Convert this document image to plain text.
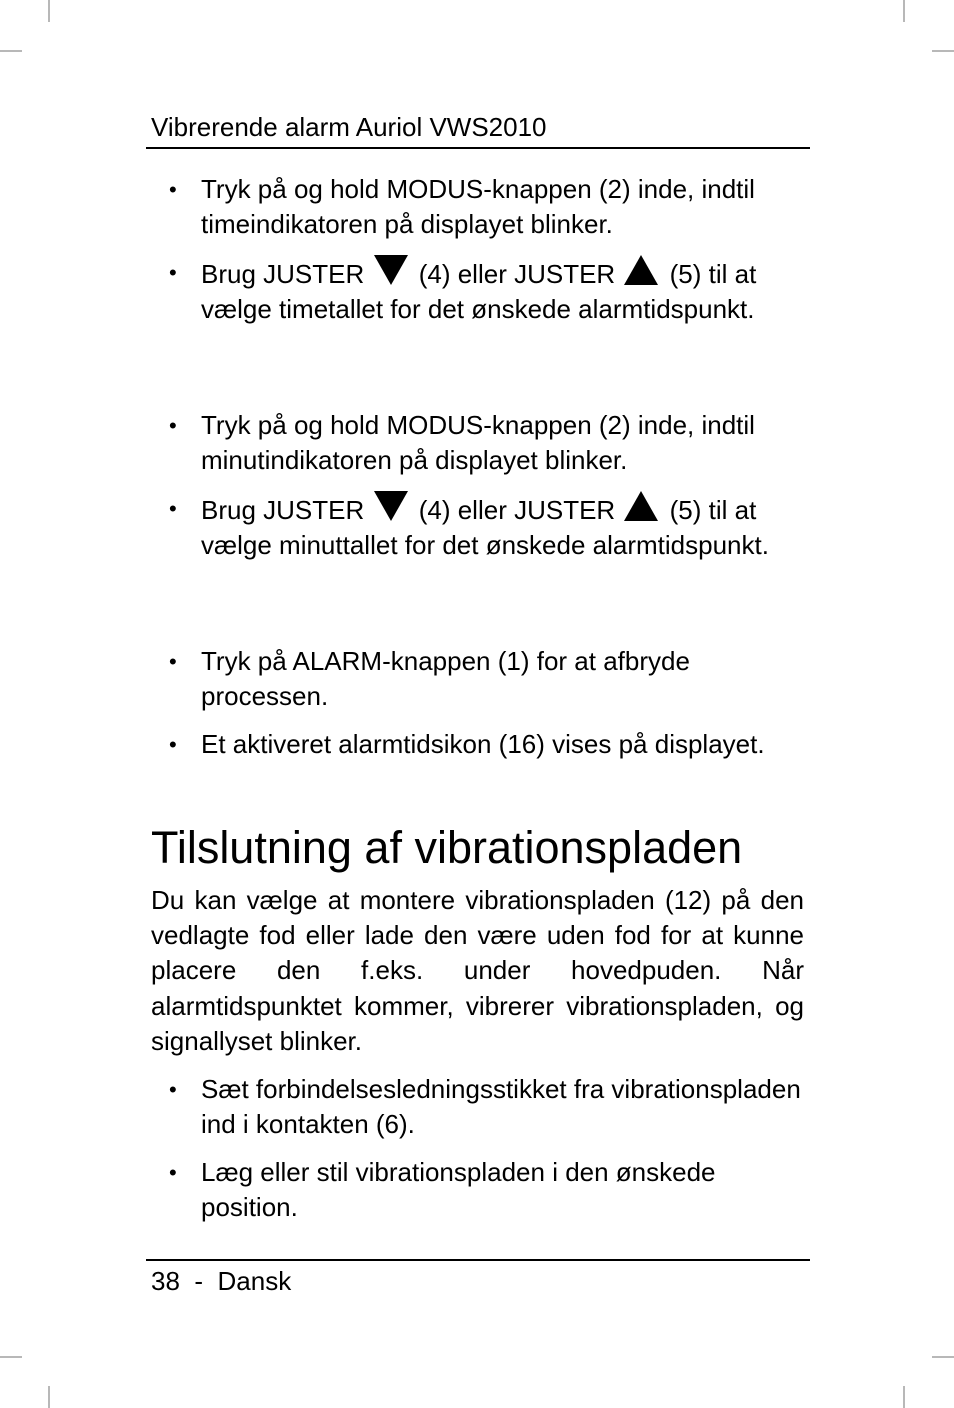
Vibrerende alarm Auriol VWS2010
• Tryk på og hold MODUS-knappen (2) inde, indtil timeindikatoren på displayet blinker.
• Brug JUSTER  (4) eller JUSTER  (5) til at vælge timetallet for det ønskede alarmtidspunkt.
• Tryk på og hold MODUS-knappen (2) inde, indtil minutindikatoren på displayet blinker.
• Brug JUSTER  (4) eller JUSTER  (5) til at vælge minuttallet for det ønskede alarmtidspunkt.
• Tryk på ALARM-knappen (1) for at afbryde processen.
• Et aktiveret alarmtidsikon (16) vises på displayet.
Tilslutning af vibrationspladen

Du kan vælge at montere vibrationspladen (12) på den vedlagte fod eller lade den være uden fod for at kunne placere den f.eks. under hovedpuden. Når alarmtidspunktet kommer, vibrerer vibrationspladen, og signallyset blinker.

• Sæt forbindelsesledningsstikket fra vibrationspladen ind i kontakten (6).
• Læg eller stil vibrationspladen i den ønskede position.
38 - Dansk
